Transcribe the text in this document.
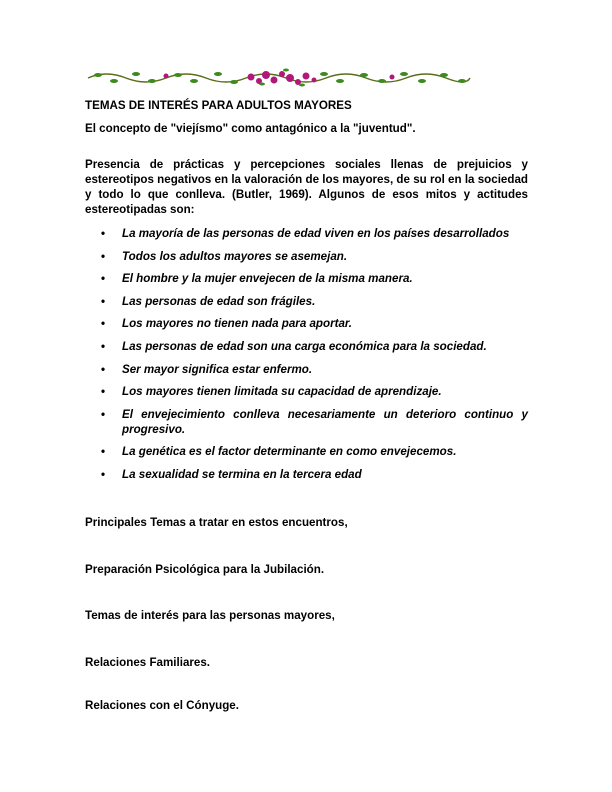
TEMAS DE INTERÉS PARA ADULTOS MAYORES

El concepto de "viejísmo" como antagónico a la "juventud".

Presencia de prácticas y percepciones sociales llenas de prejuicios y estereotipos negativos en la valoración de los mayores, de su rol en la sociedad y todo lo que conlleva. (Butler, 1969). Algunos de esos mitos y actitudes estereotipadas son:

• La mayoría de las personas de edad viven en los países desarrollados
• Todos los adultos mayores se asemejan.
• El hombre y la mujer envejecen de la misma manera.
• Las personas de edad son frágiles.
• Los mayores no tienen nada para aportar.
• Las personas de edad son una carga económica para la sociedad.
• Ser mayor significa estar enfermo.
• Los mayores tienen limitada su capacidad de aprendizaje.
• El envejecimiento conlleva necesariamente un deterioro continuo y progresivo.
• La genética es el factor determinante en como envejecemos.
• La sexualidad se termina en la tercera edad

Principales Temas a tratar en estos encuentros,

Preparación Psicológica para la Jubilación.

Temas de interés para las personas mayores,

Relaciones Familiares.

Relaciones con el Cónyuge.
